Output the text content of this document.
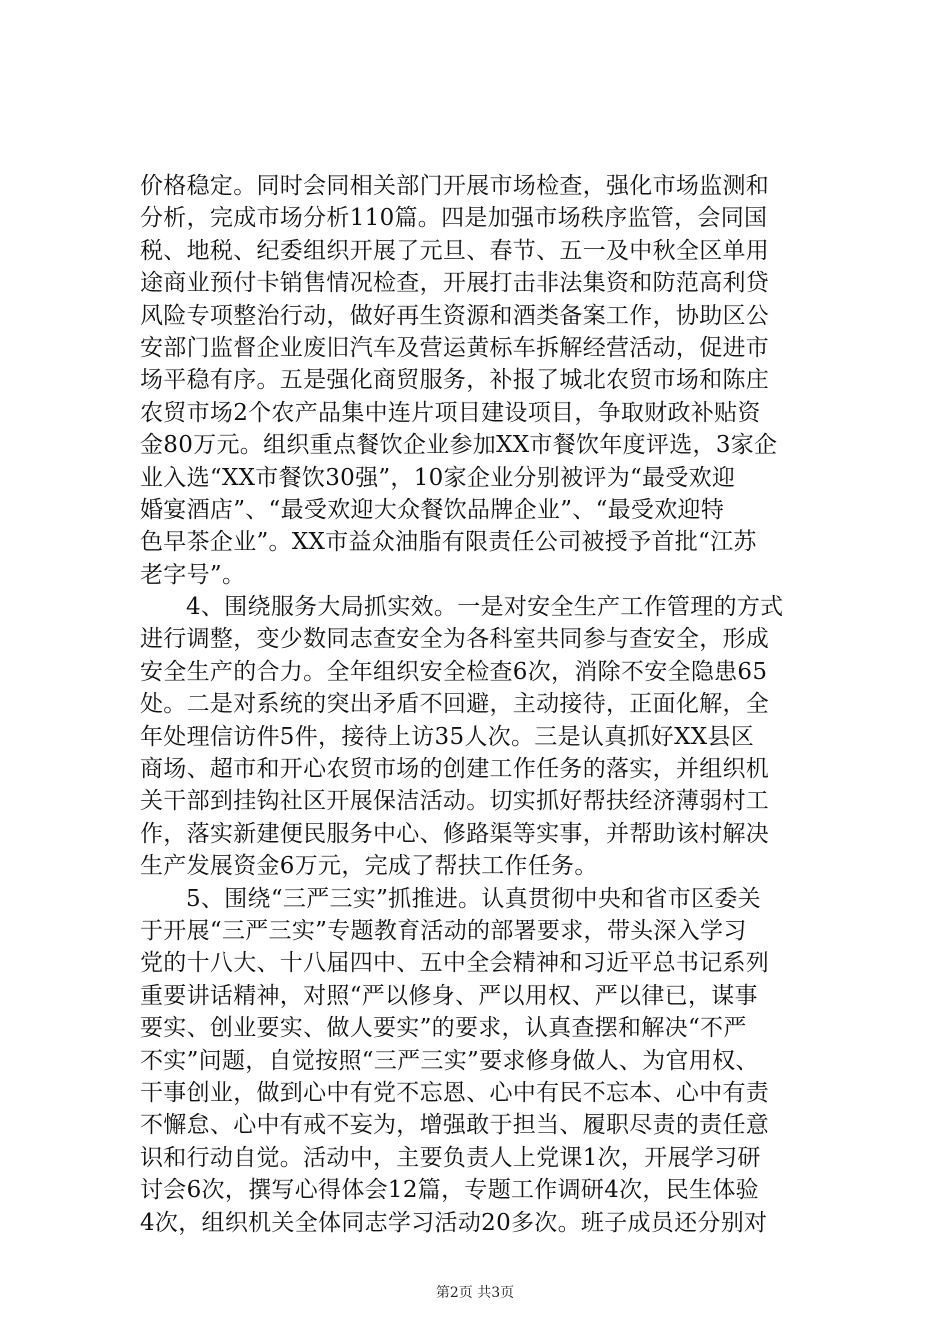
价格稳定。同时会同相关部门开展市场检查，强化市场监测和
分析，完成市场分析110篇。四是加强市场秩序监管，会同国
税、地税、纪委组织开展了元旦、春节、五一及中秋全区单用
途商业预付卡销售情况检查，开展打击非法集资和防范高利贷
风险专项整治行动，做好再生资源和酒类备案工作，协助区公
安部门监督企业废旧汽车及营运黄标车拆解经营活动，促进市
场平稳有序。五是强化商贸服务，补报了城北农贸市场和陈庄
农贸市场2个农产品集中连片项目建设项目，争取财政补贴资
金80万元。组织重点餐饮企业参加XX市餐饮年度评选，3家企
业入选“XX市餐饮30强”，10家企业分别被评为“最受欢迎
婚宴酒店”、“最受欢迎大众餐饮品牌企业”、“最受欢迎特
色早茶企业”。XX市益众油脂有限责任公司被授予首批“江苏
老字号”。
4、围绕服务大局抓实效。一是对安全生产工作管理的方式
进行调整，变少数同志查安全为各科室共同参与查安全，形成
安全生产的合力。全年组织安全检查6次，消除不安全隐患65
处。二是对系统的突出矛盾不回避，主动接待，正面化解，全
年处理信访件5件，接待上访35人次。三是认真抓好XX县区
商场、超市和开心农贸市场的创建工作任务的落实，并组织机
关干部到挂钩社区开展保洁活动。切实抓好帮扶经济薄弱村工
作，落实新建便民服务中心、修路渠等实事，并帮助该村解决
生产发展资金6万元，完成了帮扶工作任务。
5、围绕“三严三实”抓推进。认真贯彻中央和省市区委关
于开展“三严三实”专题教育活动的部署要求，带头深入学习
党的十八大、十八届四中、五中全会精神和习近平总书记系列
重要讲话精神，对照“严以修身、严以用权、严以律已，谋事
要实、创业要实、做人要实”的要求，认真查摆和解决“不严
不实”问题，自觉按照“三严三实”要求修身做人、为官用权、
干事创业，做到心中有党不忘恩、心中有民不忘本、心中有责
不懈怠、心中有戒不妄为，增强敢于担当、履职尽责的责任意
识和行动自觉。活动中，主要负责人上党课1次，开展学习研
讨会6次，撰写心得体会12篇，专题工作调研4次，民生体验
4次，组织机关全体同志学习活动20多次。班子成员还分别对
第2页 共3页
